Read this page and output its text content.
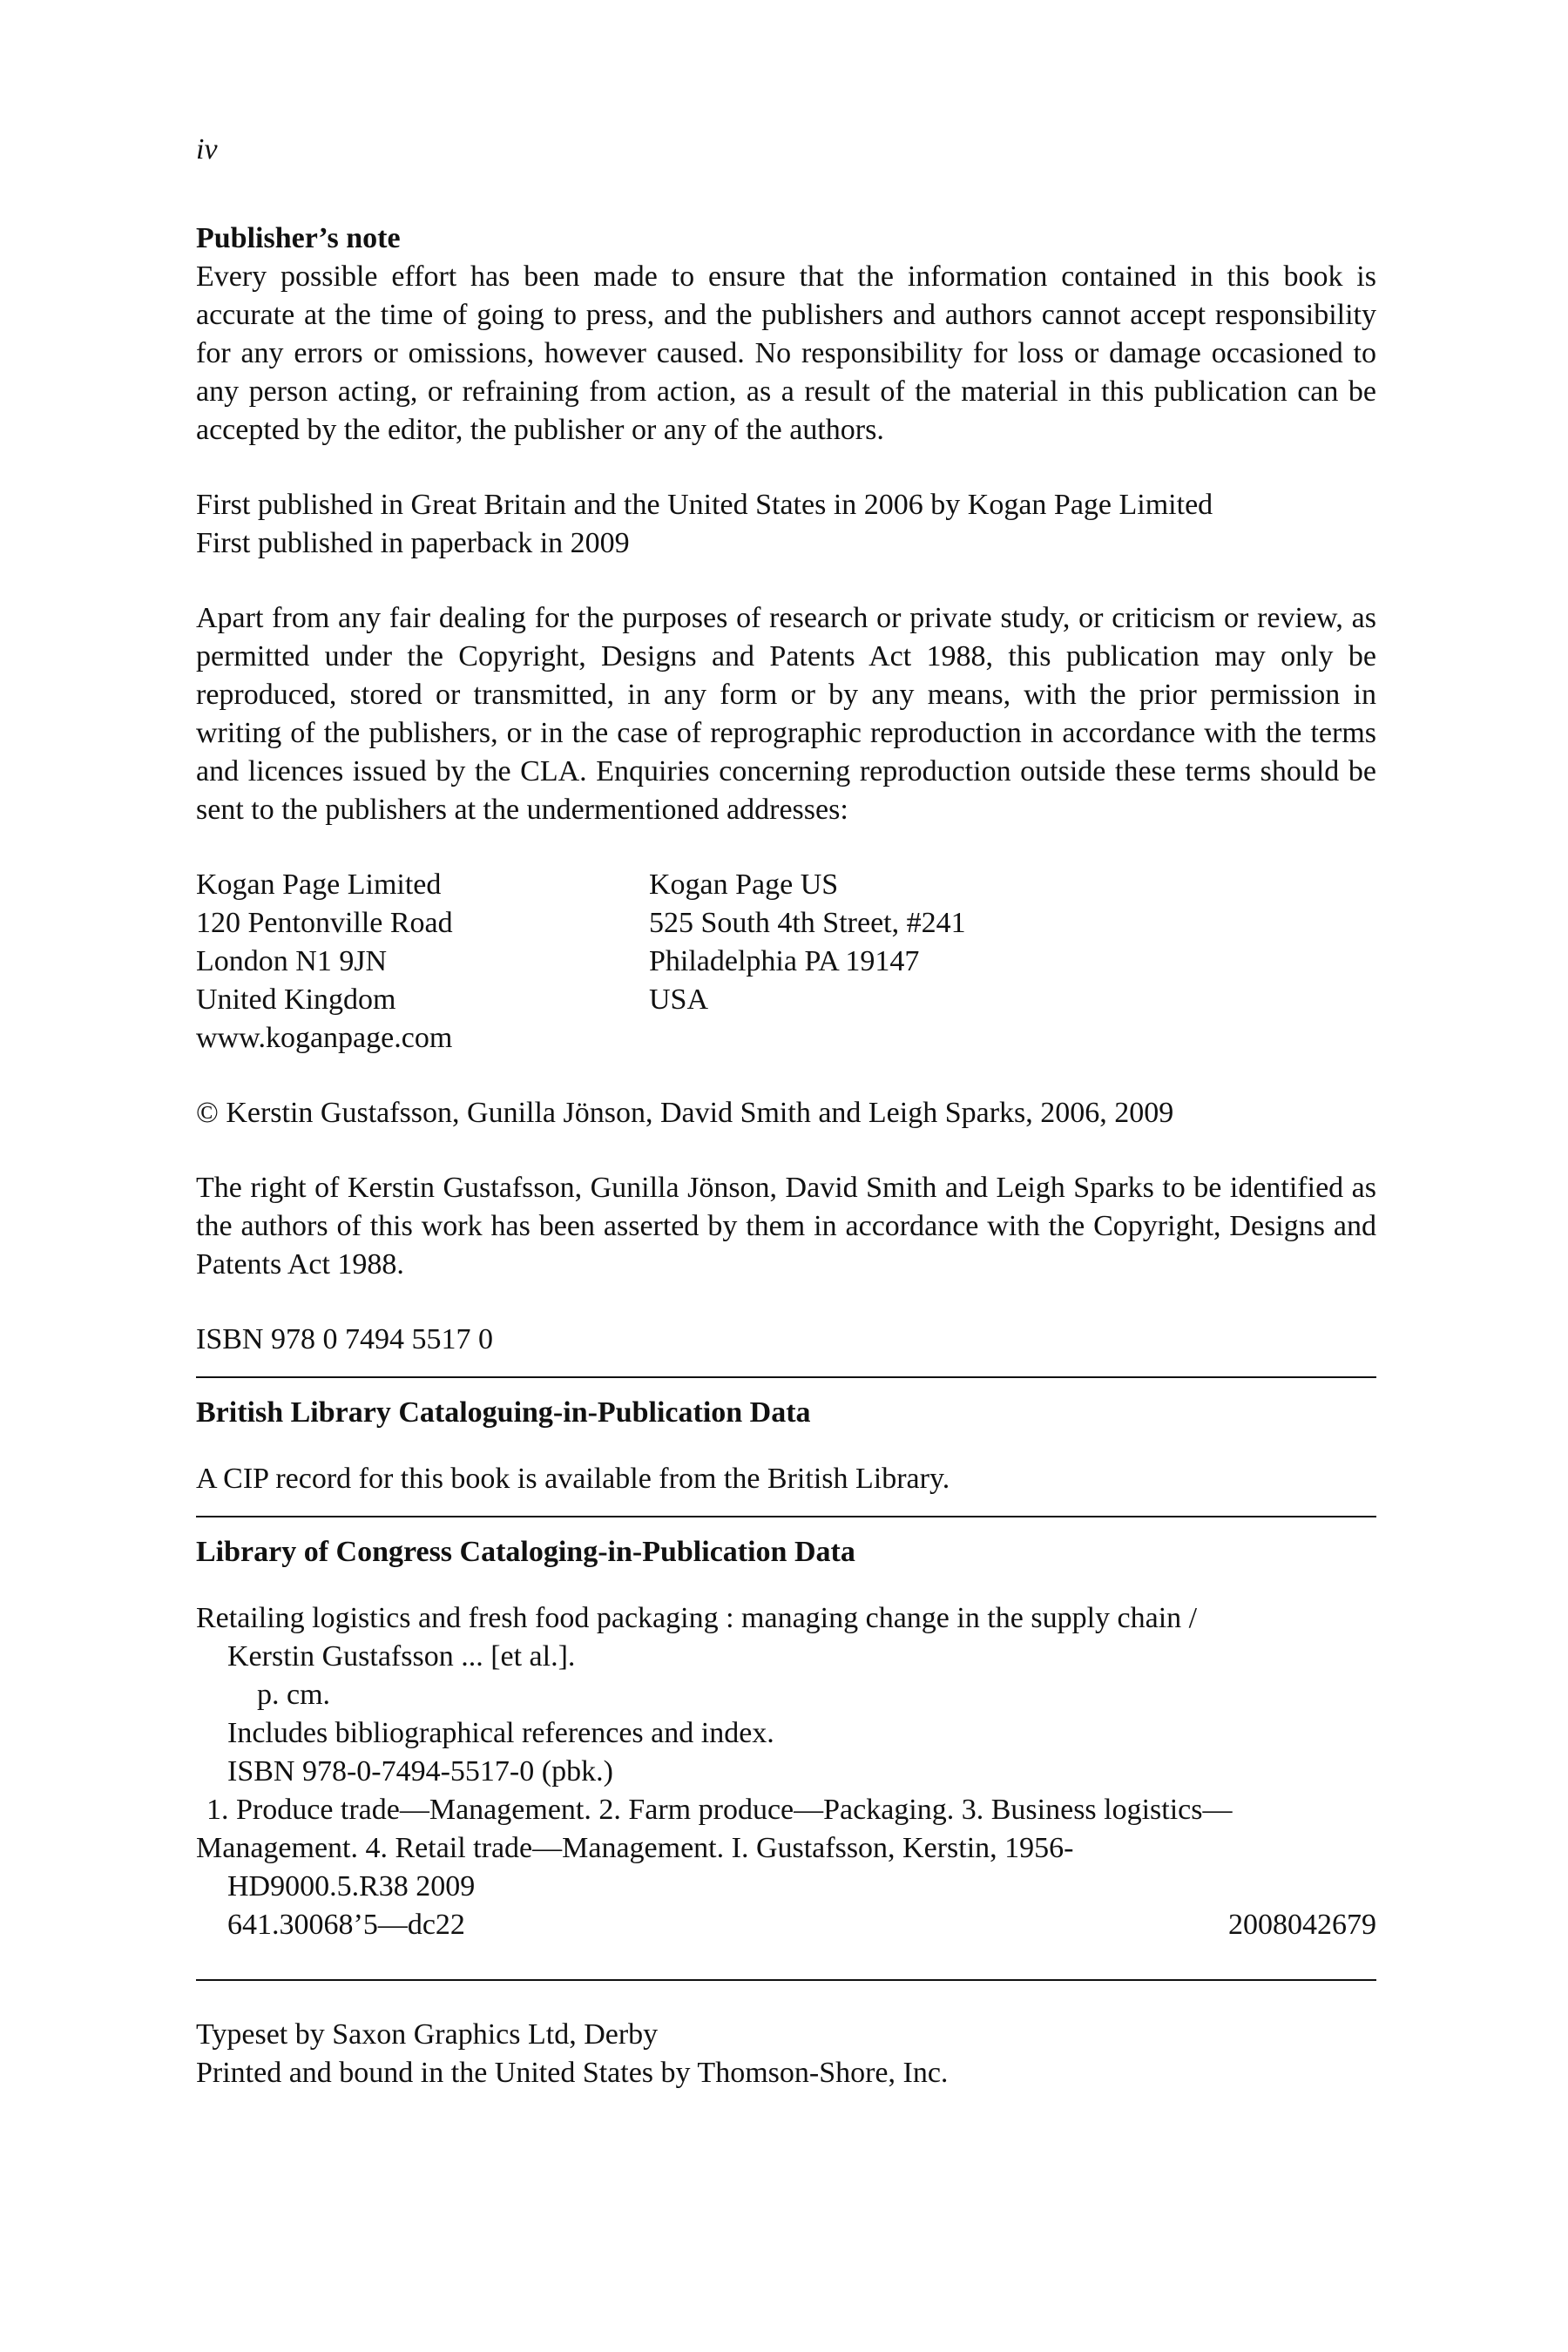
iv

Publisher’s note

Every possible effort has been made to ensure that the information contained in this book is accurate at the time of going to press, and the publishers and authors cannot accept responsibility for any errors or omissions, however caused. No responsibility for loss or damage occasioned to any person acting, or refraining from action, as a result of the material in this publication can be accepted by the editor, the publisher or any of the authors.

First published in Great Britain and the United States in 2006 by Kogan Page Limited
First published in paperback in 2009

Apart from any fair dealing for the purposes of research or private study, or criticism or review, as permitted under the Copyright, Designs and Patents Act 1988, this publication may only be reproduced, stored or transmitted, in any form or by any means, with the prior permission in writing of the publishers, or in the case of reprographic reproduction in accordance with the terms and licences issued by the CLA. Enquiries concerning reproduction outside these terms should be sent to the publishers at the undermentioned addresses:

Kogan Page Limited
120 Pentonville Road
London N1 9JN
United Kingdom
www.koganpage.com
Kogan Page US
525 South 4th Street, #241
Philadelphia PA 19147
USA

© Kerstin Gustafsson, Gunilla Jönson, David Smith and Leigh Sparks, 2006, 2009

The right of Kerstin Gustafsson, Gunilla Jönson, David Smith and Leigh Sparks to be identified as the authors of this work has been asserted by them in accordance with the Copyright, Designs and Patents Act 1988.

ISBN 978 0 7494 5517 0

British Library Cataloguing-in-Publication Data

A CIP record for this book is available from the British Library.

Library of Congress Cataloging-in-Publication Data

Retailing logistics and fresh food packaging : managing change in the supply chain /
Kerstin Gustafsson ... [et al.].
p. cm.
Includes bibliographical references and index.
ISBN 978-0-7494-5517-0 (pbk.)
1. Produce trade—Management. 2. Farm produce—Packaging. 3. Business logistics—
Management. 4. Retail trade—Management. I. Gustafsson, Kerstin, 1956-
HD9000.5.R38 2009
641.30068’5—dc22	2008042679
Typeset by Saxon Graphics Ltd, Derby
Printed and bound in the United States by Thomson-Shore, Inc.
